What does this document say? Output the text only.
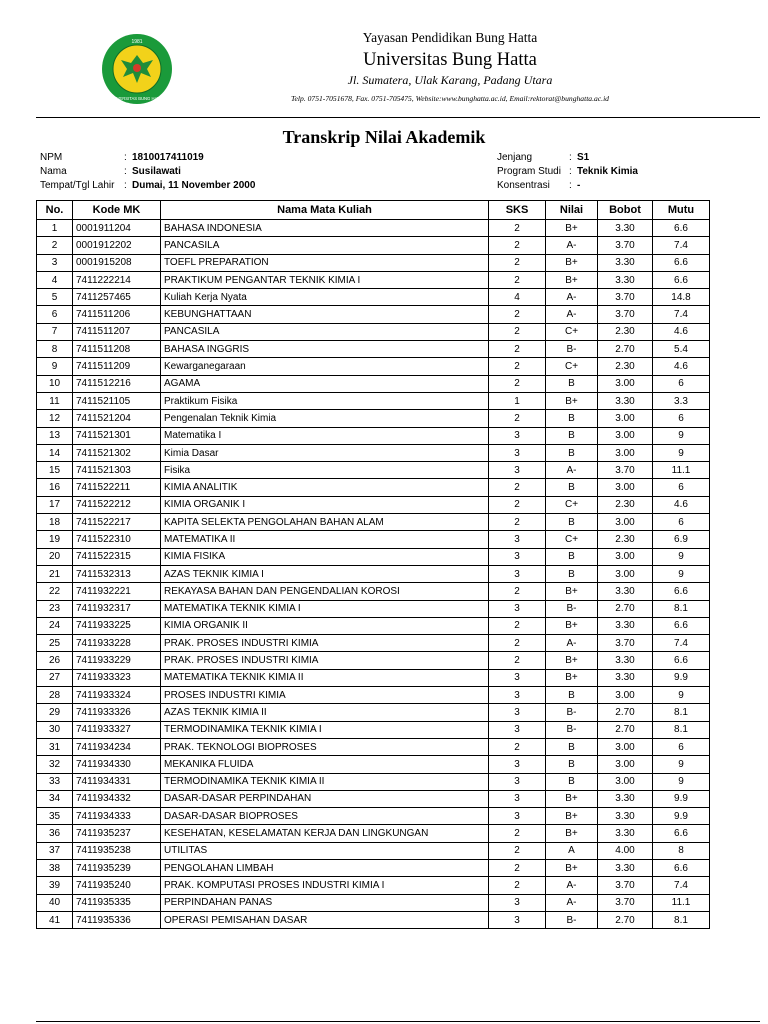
1981
UNIVERSITAS BUNG HATTA
Yayasan Pendidikan Bung Hatta
Universitas Bung Hatta
Jl. Sumatera, Ulak Karang, Padang Utara
Telp. 0751-7051678, Fax. 0751-705475, Website:www.bunghatta.ac.id, Email:rektorat@bunghatta.ac.id
Transkrip Nilai Akademik
NPM	: 1810017411019
Nama	: Susilawati
Tempat/Tgl Lahir : Dumai, 11 November 2000
Jenjang	: S1
Program Studi : Teknik Kimia
Konsentrasi	: -
No.	Kode MK	Nama Mata Kuliah	SKS	Nilai	Bobot	Mutu
1	0001911204	BAHASA INDONESIA	2	B+	3.30	6.6
2	0001912202	PANCASILA	2	A-	3.70	7.4
3	0001915208	TOEFL PREPARATION	2	B+	3.30	6.6
4	7411222214	PRAKTIKUM PENGANTAR TEKNIK KIMIA I	2	B+	3.30	6.6
5	7411257465	Kuliah Kerja Nyata	4	A-	3.70	14.8
6	7411511206	KEBUNGHATTAAN	2	A-	3.70	7.4
7	7411511207	PANCASILA	2	C+	2.30	4.6
8	7411511208	BAHASA INGGRIS	2	B-	2.70	5.4
9	7411511209	Kewarganegaraan	2	C+	2.30	4.6
10	7411512216	AGAMA	2	B	3.00	6
11	7411521105	Praktikum Fisika	1	B+	3.30	3.3
12	7411521204	Pengenalan Teknik Kimia	2	B	3.00	6
13	7411521301	Matematika I	3	B	3.00	9
14	7411521302	Kimia Dasar	3	B	3.00	9
15	7411521303	Fisika	3	A-	3.70	11.1
16	7411522211	KIMIA ANALITIK	2	B	3.00	6
17	7411522212	KIMIA ORGANIK I	2	C+	2.30	4.6
18	7411522217	KAPITA SELEKTA PENGOLAHAN BAHAN ALAM	2	B	3.00	6
19	7411522310	MATEMATIKA II	3	C+	2.30	6.9
20	7411522315	KIMIA FISIKA	3	B	3.00	9
21	7411532313	AZAS TEKNIK KIMIA I	3	B	3.00	9
22	7411932221	REKAYASA BAHAN DAN PENGENDALIAN KOROSI	2	B+	3.30	6.6
23	7411932317	MATEMATIKA TEKNIK KIMIA I	3	B-	2.70	8.1
24	7411933225	KIMIA ORGANIK II	2	B+	3.30	6.6
25	7411933228	PRAK. PROSES INDUSTRI KIMIA	2	A-	3.70	7.4
26	7411933229	PRAK. PROSES INDUSTRI KIMIA	2	B+	3.30	6.6
27	7411933323	MATEMATIKA TEKNIK KIMIA II	3	B+	3.30	9.9
28	7411933324	PROSES INDUSTRI KIMIA	3	B	3.00	9
29	7411933326	AZAS TEKNIK KIMIA II	3	B-	2.70	8.1
30	7411933327	TERMODINAMIKA TEKNIK KIMIA I	3	B-	2.70	8.1
31	7411934234	PRAK. TEKNOLOGI BIOPROSES	2	B	3.00	6
32	7411934330	MEKANIKA FLUIDA	3	B	3.00	9
33	7411934331	TERMODINAMIKA TEKNIK KIMIA II	3	B	3.00	9
34	7411934332	DASAR-DASAR PERPINDAHAN	3	B+	3.30	9.9
35	7411934333	DASAR-DASAR BIOPROSES	3	B+	3.30	9.9
36	7411935237	KESEHATAN, KESELAMATAN KERJA DAN LINGKUNGAN	2	B+	3.30	6.6
37	7411935238	UTILITAS	2	A	4.00	8
38	7411935239	PENGOLAHAN LIMBAH	2	B+	3.30	6.6
39	7411935240	PRAK. KOMPUTASI PROSES INDUSTRI KIMIA I	2	A-	3.70	7.4
40	7411935335	PERPINDAHAN PANAS	3	A-	3.70	11.1
41	7411935336	OPERASI PEMISAHAN DASAR	3	B-	2.70	8.1
